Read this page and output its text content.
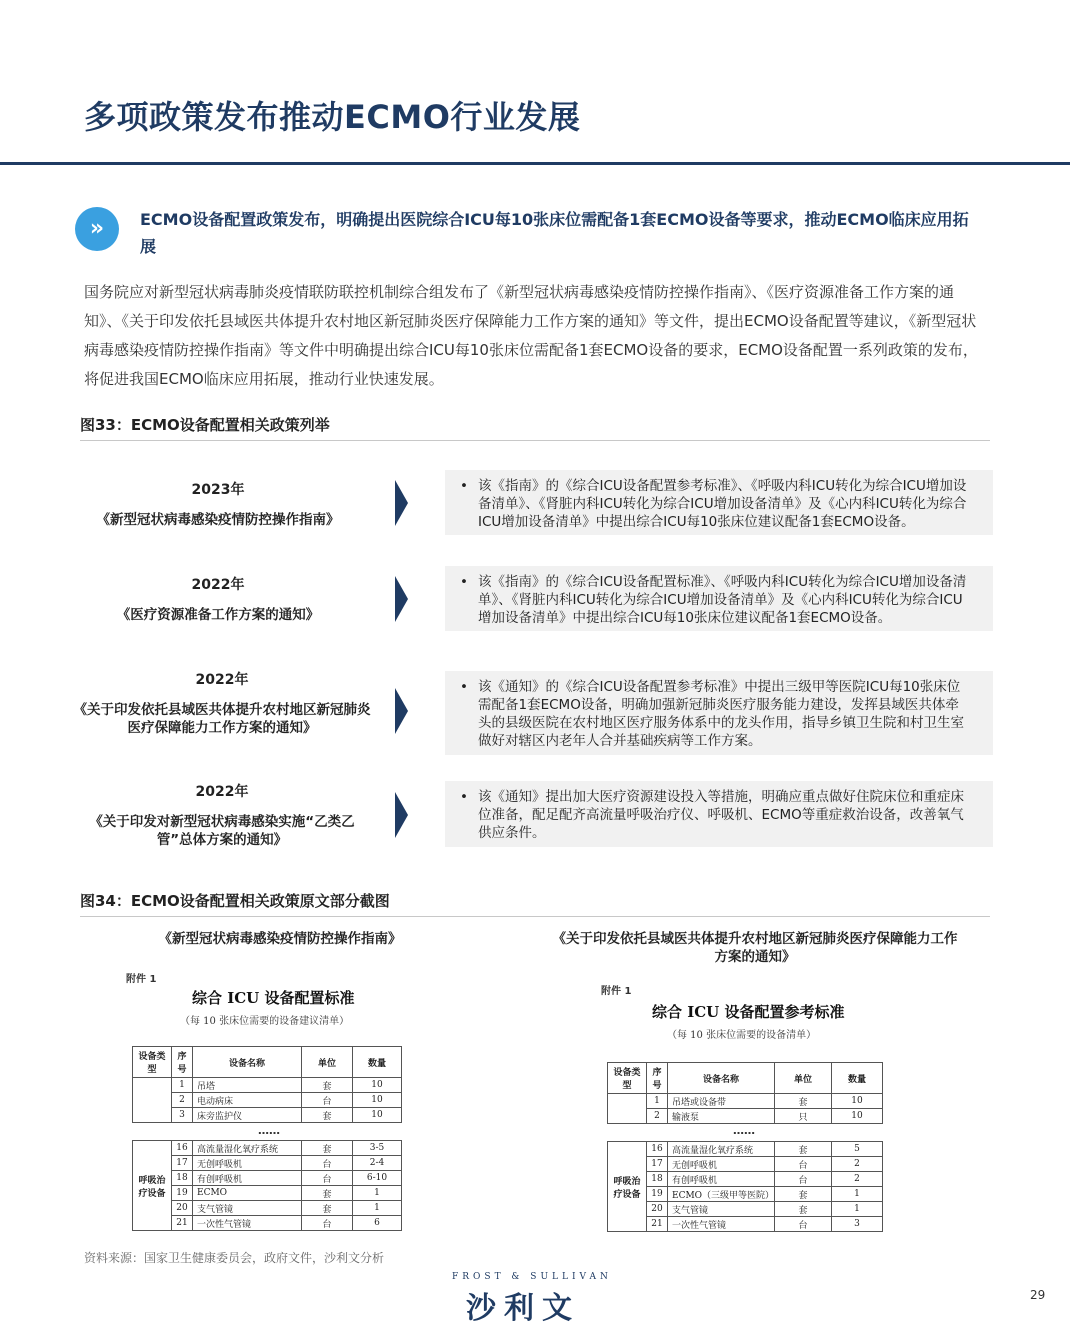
多项政策发布推动ECMO行业发展
»	ECMO设备配置政策发布，明确提出医院综合ICU每10张床位需配备1套ECMO设备等要求，推动ECMO临床应用拓展
国务院应对新型冠状病毒肺炎疫情联防联控机制综合组发布了《新型冠状病毒感染疫情防控操作指南》、《医疗资源准备工作方案的通知》、《关于印发依托县域医共体提升农村地区新冠肺炎医疗保障能力工作方案的通知》等文件，提出ECMO设备配置等建议，《新型冠状病毒感染疫情防控操作指南》等文件中明确提出综合ICU每10张床位需配备1套ECMO设备的要求，ECMO设备配置一系列政策的发布，将促进我国ECMO临床应用拓展，推动行业快速发展。
图33：ECMO设备配置相关政策列举
2023年
《新型冠状病毒感染疫情防控操作指南》
• 该《指南》的《综合ICU设备配置参考标准》、《呼吸内科ICU转化为综合ICU增加设备清单》、《肾脏内科ICU转化为综合ICU增加设备清单》及《心内科ICU转化为综合ICU增加设备清单》中提出综合ICU每10张床位建议配备1套ECMO设备。
2022年
《医疗资源准备工作方案的通知》
• 该《指南》的《综合ICU设备配置标准》、《呼吸内科ICU转化为综合ICU增加设备清单》、《肾脏内科ICU转化为综合ICU增加设备清单》及《心内科ICU转化为综合ICU增加设备清单》中提出综合ICU每10张床位建议配备1套ECMO设备。
2022年
《关于印发依托县域医共体提升农村地区新冠肺炎医疗保障能力工作方案的通知》
• 该《通知》的《综合ICU设备配置参考标准》中提出三级甲等医院ICU每10张床位需配备1套ECMO设备，明确加强新冠肺炎医疗服务能力建设，发挥县域医共体牵头的县级医院在农村地区医疗服务体系中的龙头作用，指导乡镇卫生院和村卫生室做好对辖区内老年人合并基础疾病等工作方案。
2022年
《关于印发对新型冠状病毒感染实施“乙类乙管”总体方案的通知》
• 该《通知》提出加大医疗资源建设投入等措施，明确应重点做好住院床位和重症床位准备，配足配齐高流量呼吸治疗仪、呼吸机、ECMO等重症救治设备，改善氧气供应条件。
图34：ECMO设备配置相关政策原文部分截图
《新型冠状病毒感染疫情防控操作指南》
附件 1
综合 ICU 设备配置标准
（每 10 张床位需要的设备建议清单）
设备类型	序号	设备名称	单位	数量
	1	吊塔	套	10
	2	电动病床	台	10
	3	床旁监护仪	套	10
……
呼吸治疗设备	16	高流量湿化氧疗系统	套	3-5
	17	无创呼吸机	台	2-4
	18	有创呼吸机	台	6-10
	19	ECMO	套	1
	20	支气管镜	套	1
	21	一次性气管镜	台	6
《关于印发依托县域医共体提升农村地区新冠肺炎医疗保障能力工作方案的通知》
附件 1
综合 ICU 设备配置参考标准
（每 10 张床位需要的设备清单）
设备类型	序号	设备名称	单位	数量
	1	吊塔或设备带	套	10
	2	输液泵	只	10
……
呼吸治疗设备	16	高流量湿化氧疗系统	套	5
	17	无创呼吸机	台	2
	18	有创呼吸机	台	2
	19	ECMO（三级甲等医院）	套	1
	20	支气管镜	套	1
	21	一次性气管镜	台	3
资料来源：国家卫生健康委员会，政府文件，沙利文分析
FROST & SULLIVAN
沙利文	29
